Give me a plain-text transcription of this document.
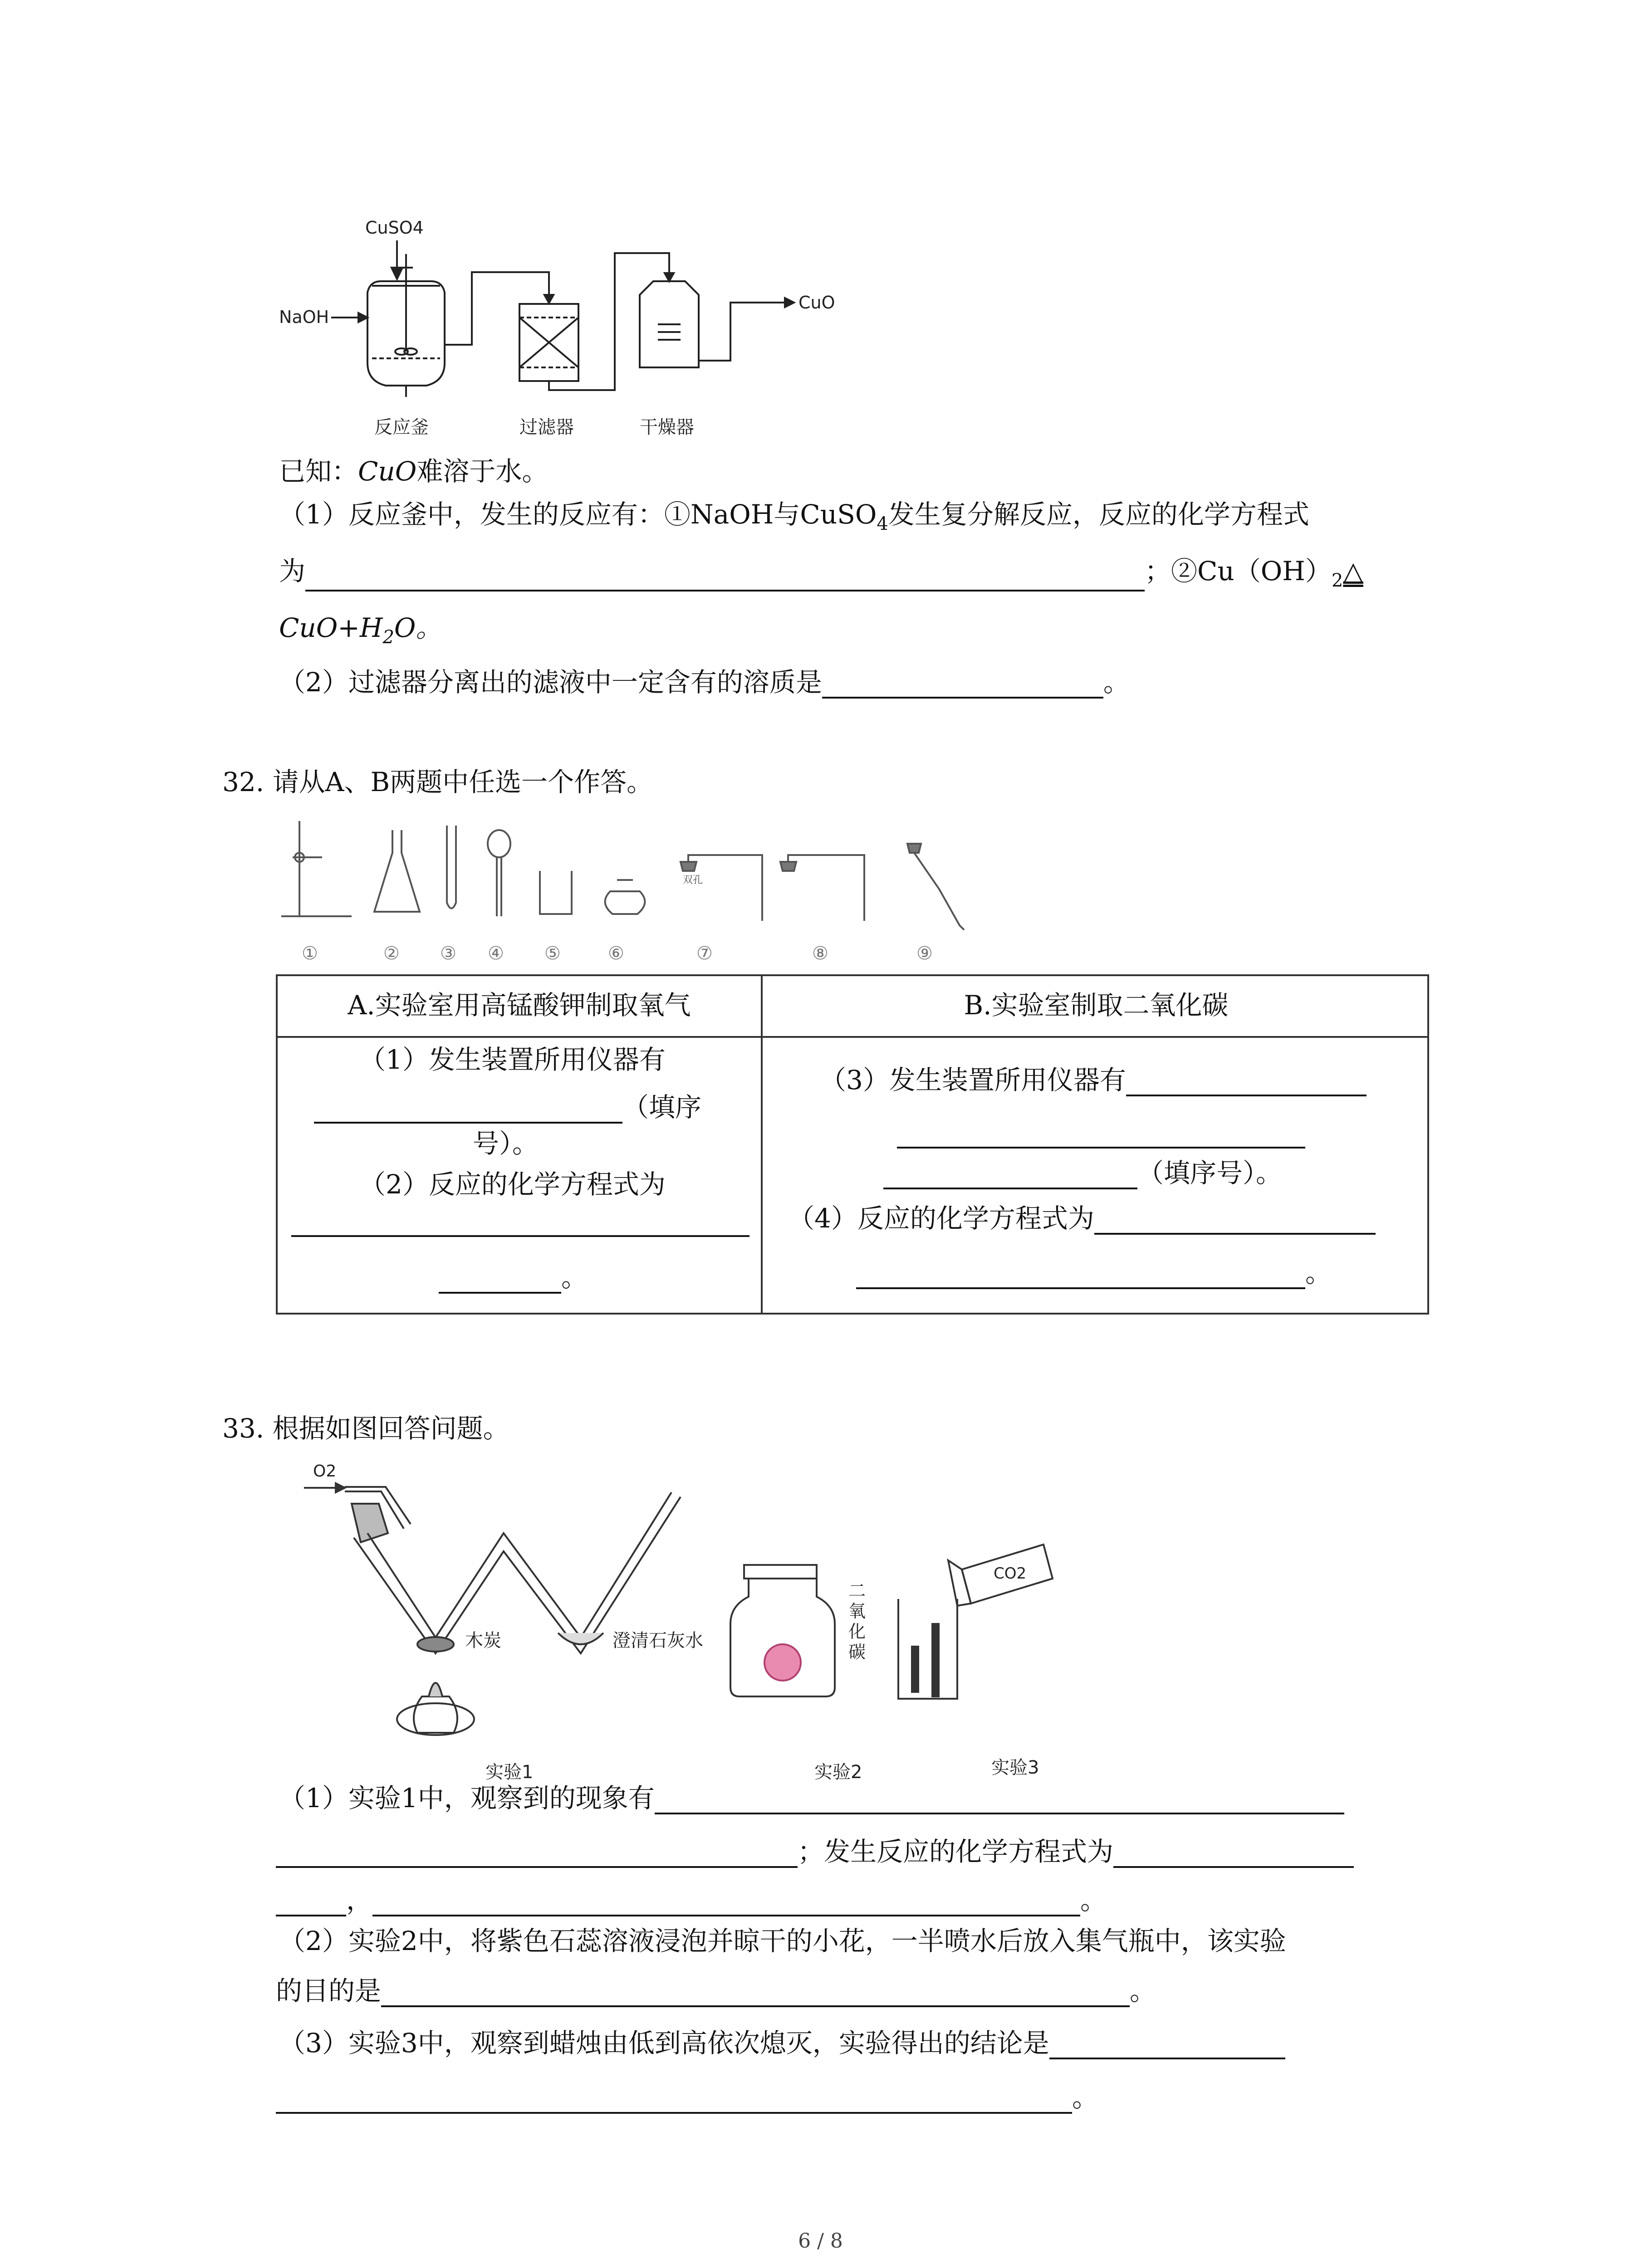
CuSO4
NaOH
CuO
反应釜	过滤器	干燥器
已知：CuO难溶于水。
（1）反应釜中，发生的反应有：①NaOH与CuSO$_4$发生复分解反应，反应的化学方程式
为	；$②Cu(OH)_2\triangle$
$CuO+H_2O$。
（2）过滤器分离出的滤液中一定含有的溶质是	。
32. 请从A、B两题中任选一个作答。
双孔
①	② ③ ④ ⑤	⑥	⑦	⑧	⑨
A.实验室用高锰酸钾制取氧气	B.实验室制取二氧化碳
（1）发生装置所用仪器有
（填序
号）。
（2）反应的化学方程式为
。
（3）发生装置所用仪器有
（填序号）。
（4）反应的化学方程式为
。
33. 根据如图回答问题。
O2
木炭	澄清石灰水
二
氧
化
碳
CO2
实验1	实验2	实验3
（1）实验1中，观察到的现象有
；发生反应的化学方程式为
，	。
（2）实验2中，将紫色石蕊溶液浸泡并晾干的小花，一半喷水后放入集气瓶中，该实验
的目的是	。
（3）实验3中，观察到蜡烛由低到高依次熄灭，实验得出的结论是
。
6 / 8
